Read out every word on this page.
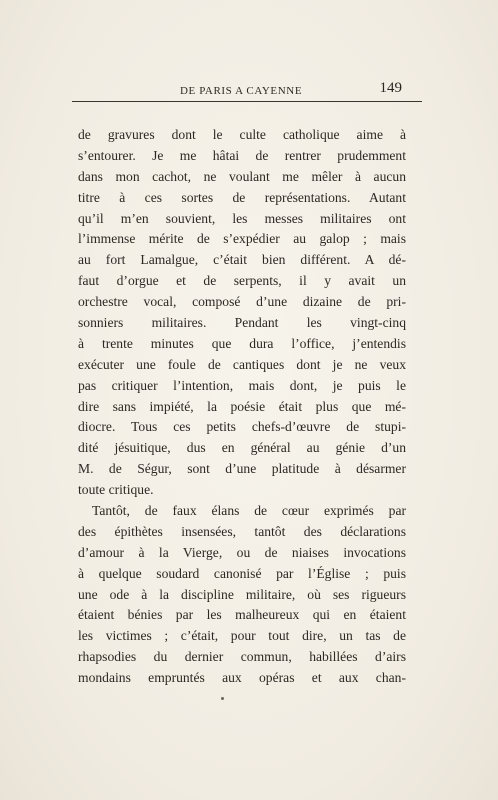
DE PARIS A CAYENNE	149
de gravures dont le culte catholique aime à
s’entourer. Je me hâtai de rentrer prudemment
dans mon cachot, ne voulant me mêler à aucun
titre à ces sortes de représentations. Autant
qu’il m’en souvient, les messes militaires ont
l’immense mérite de s’expédier au galop ; mais
au fort Lamalgue, c’était bien différent. A dé-
faut d’orgue et de serpents, il y avait un
orchestre vocal, composé d’une dizaine de pri-
sonniers militaires. Pendant les vingt-cinq
à trente minutes que dura l’office, j’entendis
exécuter une foule de cantiques dont je ne veux
pas critiquer l’intention, mais dont, je puis le
dire sans impiété, la poésie était plus que mé-
diocre. Tous ces petits chefs-d’œuvre de stupi-
dité jésuitique, dus en général au génie d’un
M. de Ségur, sont d’une platitude à désarmer
toute critique.
Tantôt, de faux élans de cœur exprimés par
des épithètes insensées, tantôt des déclarations
d’amour à la Vierge, ou de niaises invocations
à quelque soudard canonisé par l’Église ; puis
une ode à la discipline militaire, où ses rigueurs
étaient bénies par les malheureux qui en étaient
les victimes ; c’était, pour tout dire, un tas de
rhapsodies du dernier commun, habillées d’airs
mondains empruntés aux opéras et aux chan-
